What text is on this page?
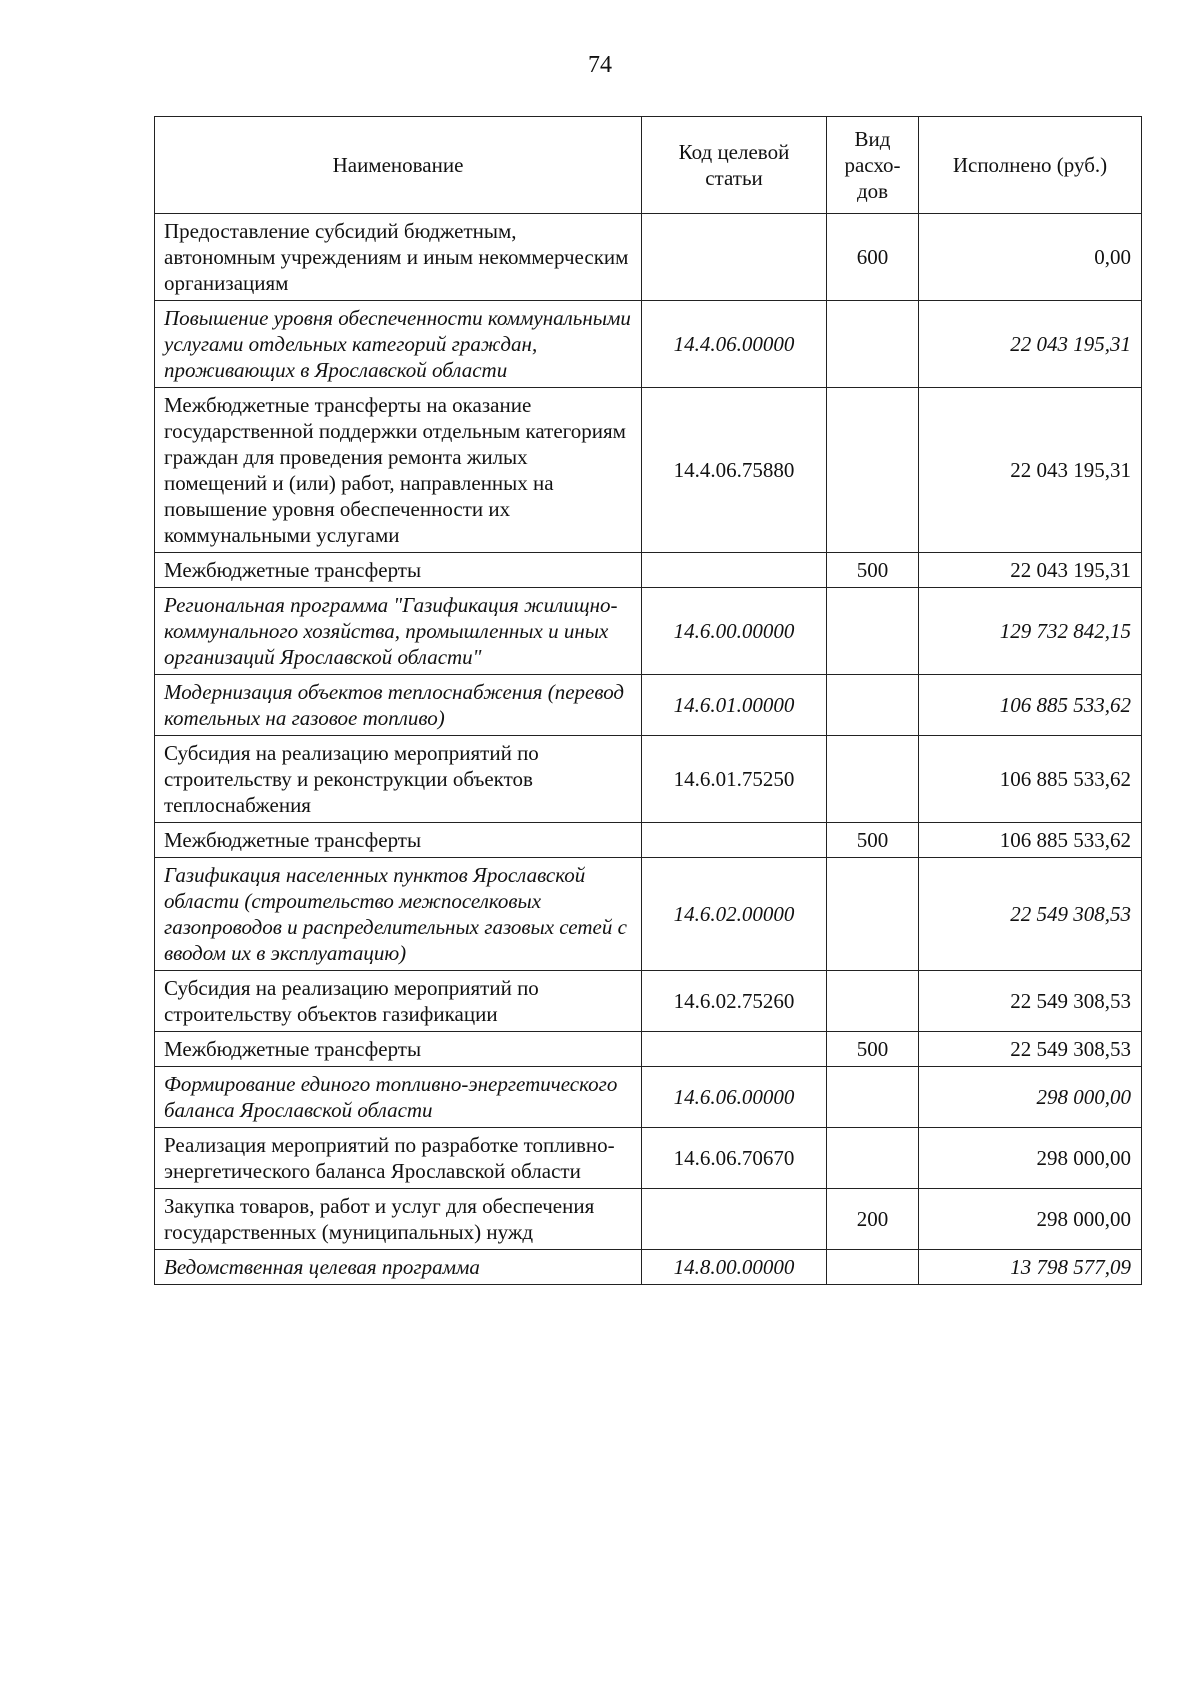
74
Наименование	Код целевой статьи	Вид расхо-дов	Исполнено (руб.)
Предоставление субсидий бюджетным, автономным учреждениям и иным некоммерческим организациям		600	0,00
Повышение уровня обеспеченности коммунальными услугами отдельных категорий граждан, проживающих в Ярославской области	14.4.06.00000		22 043 195,31
Межбюджетные трансферты на оказание государственной поддержки отдельным категориям граждан для проведения ремонта жилых помещений и (или) работ, направленных на повышение уровня обеспеченности их коммунальными услугами	14.4.06.75880		22 043 195,31
Межбюджетные трансферты		500	22 043 195,31
Региональная программа "Газификация жилищно-коммунального хозяйства, промышленных и иных организаций Ярославской области"	14.6.00.00000		129 732 842,15
Модернизация объектов теплоснабжения (перевод котельных на газовое топливо)	14.6.01.00000		106 885 533,62
Субсидия на реализацию мероприятий по строительству и реконструкции объектов теплоснабжения	14.6.01.75250		106 885 533,62
Межбюджетные трансферты		500	106 885 533,62
Газификация населенных пунктов Ярославской области (строительство межпоселковых газопроводов и распределительных газовых сетей с вводом их в эксплуатацию)	14.6.02.00000		22 549 308,53
Субсидия на реализацию мероприятий по строительству объектов газификации	14.6.02.75260		22 549 308,53
Межбюджетные трансферты		500	22 549 308,53
Формирование единого топливно-энергетического баланса Ярославской области	14.6.06.00000		298 000,00
Реализация мероприятий по разработке топливно-энергетического баланса Ярославской области	14.6.06.70670		298 000,00
Закупка товаров, работ и услуг для обеспечения государственных (муниципальных) нужд		200	298 000,00
Ведомственная целевая программа	14.8.00.00000		13 798 577,09
